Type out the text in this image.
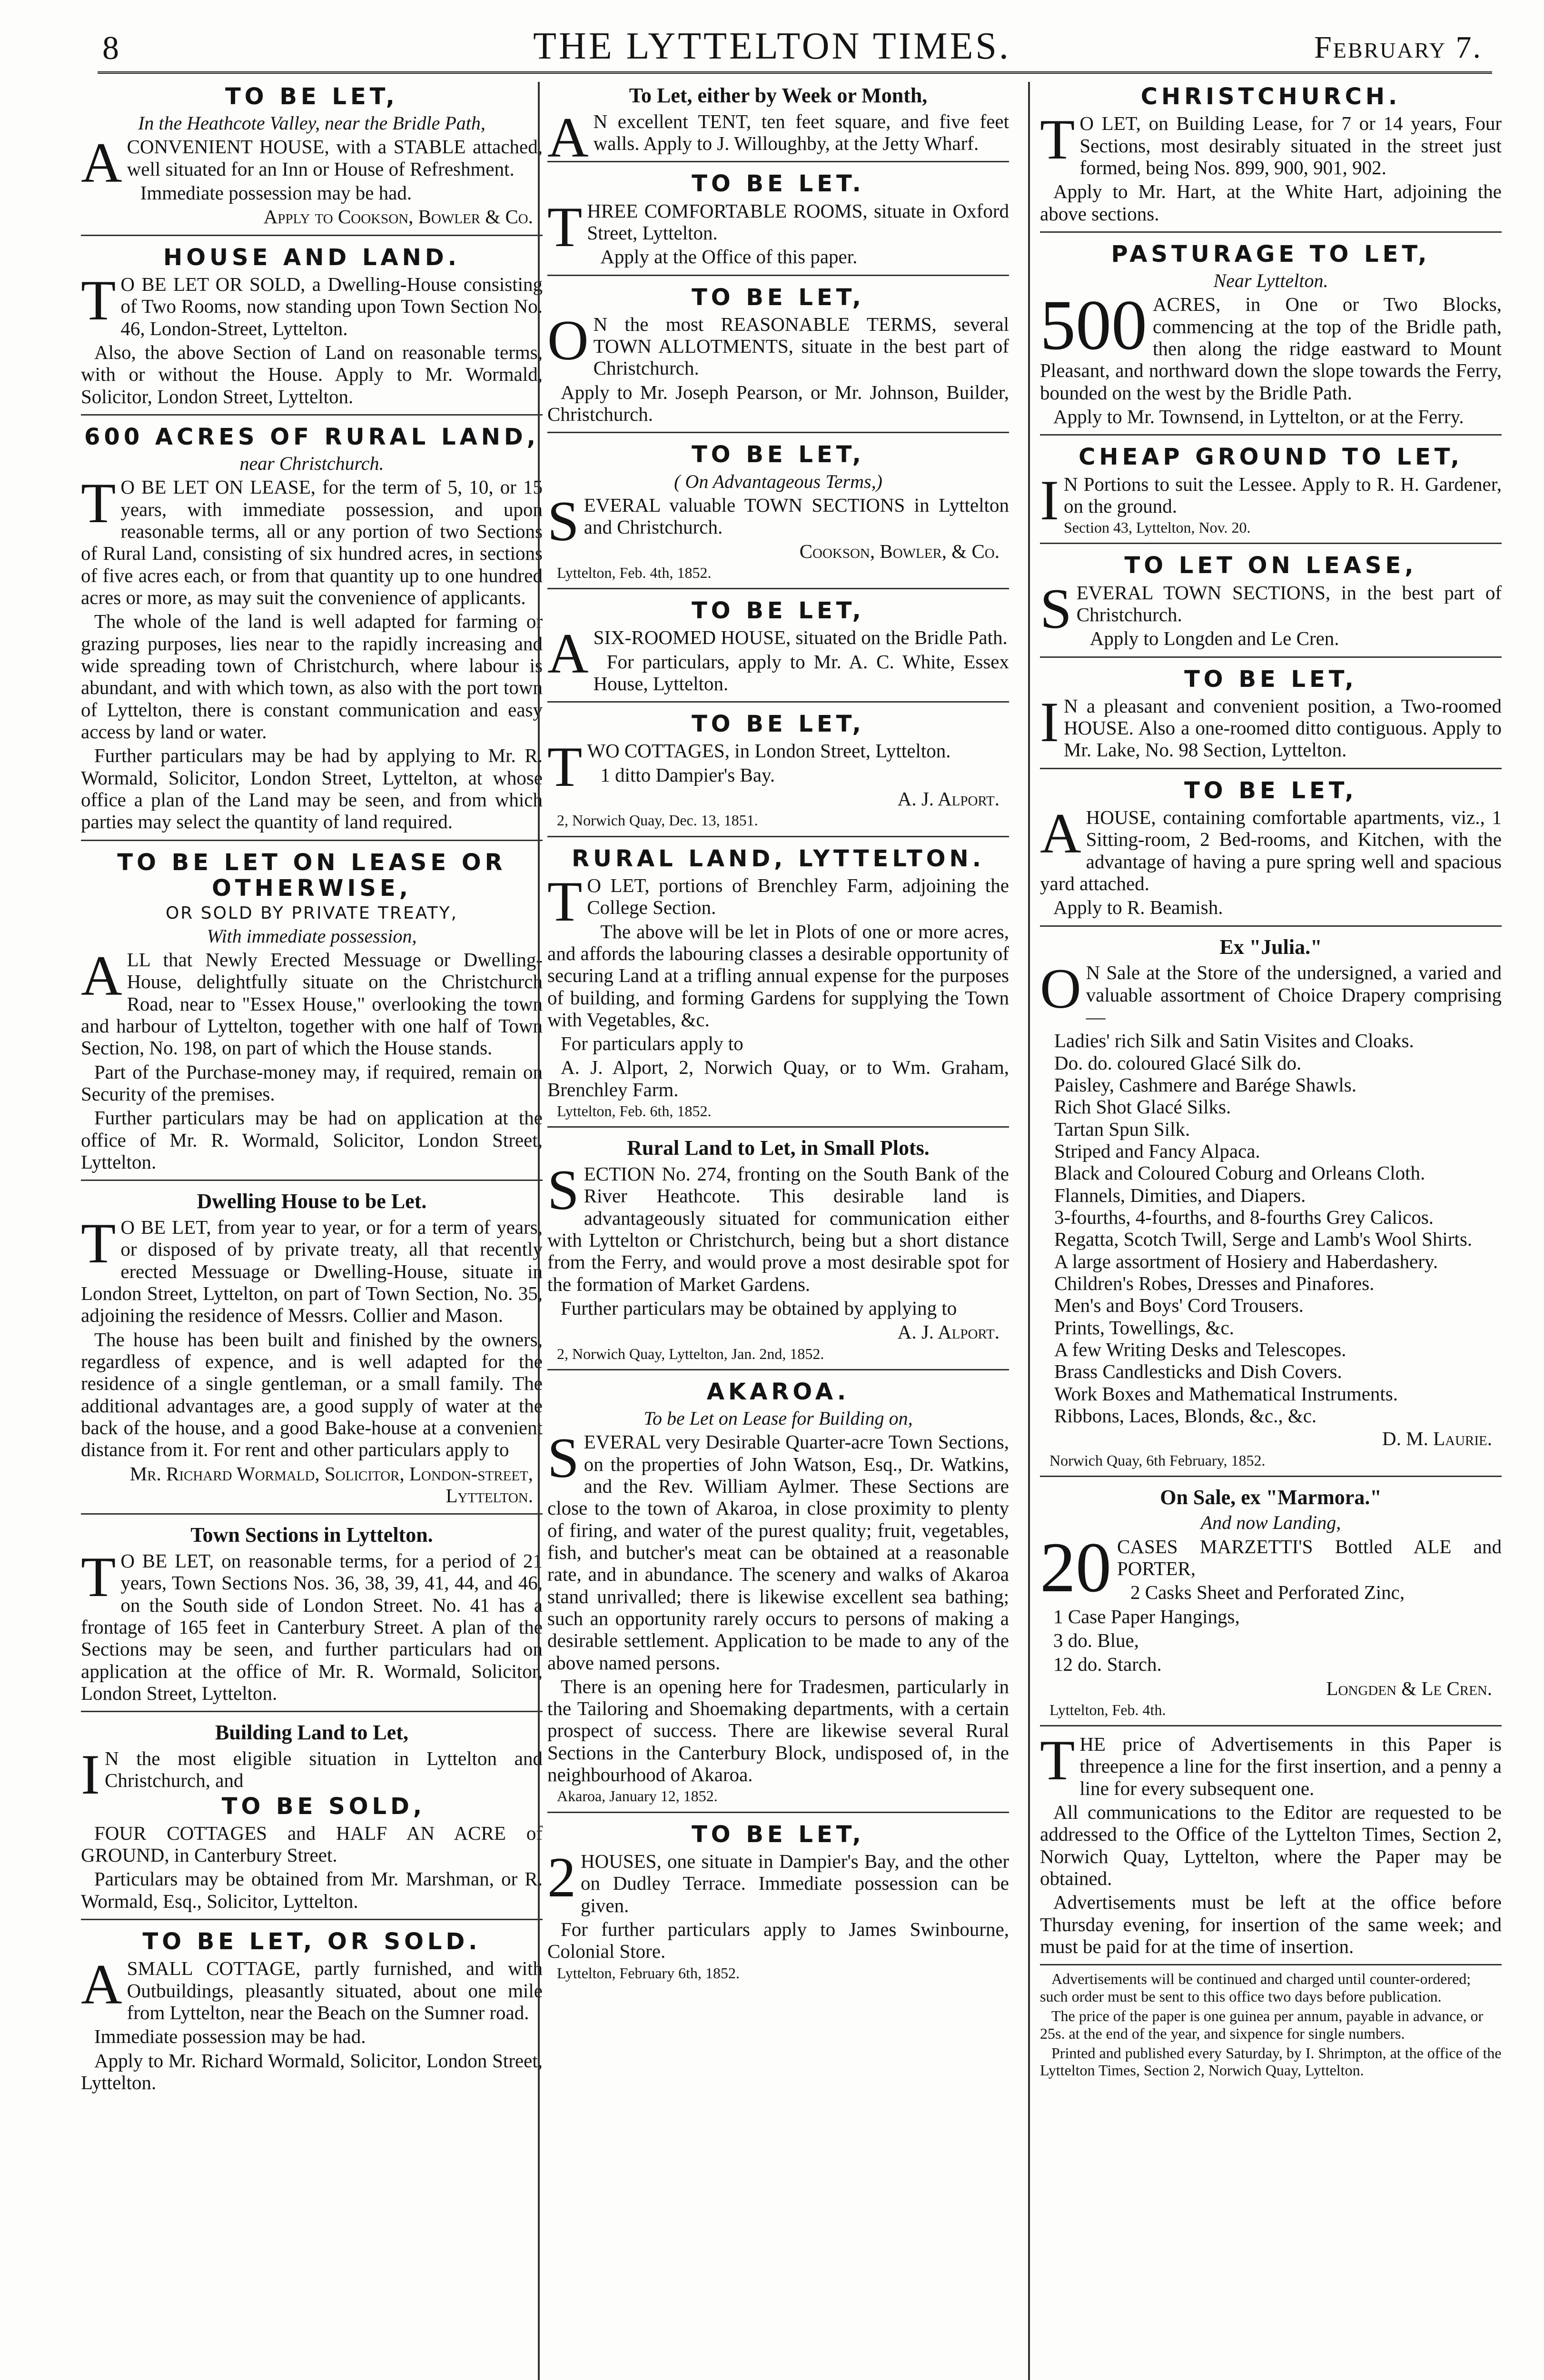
8	THE LYTTELTON TIMES.	February 7.
TO BE LET,
In the Heathcote Valley, near the Bridle Path,

ACONVENIENT HOUSE, with a STABLE attached, well situated for an Inn or House of Refreshment.

Immediate possession may be had.

Apply to Cookson, Bowler & Co.
HOUSE AND LAND.

T O BE LET OR SOLD, a Dwelling-House consisting of Two Rooms, now standing upon Town Section No. 46, London-Street, Lyttelton.

Also, the above Section of Land on reasonable terms, with or without the House. Apply to Mr. Wormald, Solicitor, London Street, Lyttelton.

600 ACRES OF RURAL LAND,
near Christchurch.

T O BE LET ON LEASE, for the term of 5, 10, or 15 years, with immediate possession, and upon reasonable terms, all or any portion of two Sections of Rural Land, consisting of six hundred acres, in sections of five acres each, or from that quantity up to one hundred acres or more, as may suit the convenience of applicants.

The whole of the land is well adapted for farming or grazing purposes, lies near to the rapidly increasing and wide spreading town of Christchurch, where labour is abundant, and with which town, as also with the port town of Lyttelton, there is constant communication and easy access by land or water.

Further particulars may be had by applying to Mr. R. Wormald, Solicitor, London Street, Lyttelton, at whose office a plan of the Land may be seen, and from which parties may select the quantity of land required.

TO BE LET ON LEASE OR OTHERWISE,
OR SOLD BY PRIVATE TREATY,
With immediate possession,

ALL that Newly Erected Messuage or Dwelling-House, delightfully situate on the Christchurch Road, near to "Essex House," overlooking the town and harbour of Lyttelton, together with one half of Town Section, No. 198, on part of which the House stands.

Part of the Purchase-money may, if required, remain on Security of the premises.

Further particulars may be had on application at the office of Mr. R. Wormald, Solicitor, London Street, Lyttelton.

Dwelling House to be Let.

T O BE LET, from year to year, or for a term of years, or disposed of by private treaty, all that recently erected Messuage or Dwelling-House, situate in London Street, Lyttelton, on part of Town Section, No. 35, adjoining the residence of Messrs. Collier and Mason.

The house has been built and finished by the owners, regardless of expence, and is well adapted for the residence of a single gentleman, or a small family. The additional advantages are, a good supply of water at the back of the house, and a good Bake-house at a convenient distance from it. For rent and other particulars apply to

Mr. Richard Wormald, Solicitor, London-street, Lyttelton.
Town Sections in Lyttelton.

T O BE LET, on reasonable terms, for a period of 21 years, Town Sections Nos. 36, 38, 39, 41, 44, and 46, on the South side of London Street. No. 41 has a frontage of 165 feet in Canterbury Street. A plan of the Sections may be seen, and further particulars had on application at the office of Mr. R. Wormald, Solicitor, London Street, Lyttelton.

Building Land to Let,

I N the most eligible situation in Lyttelton and Christchurch, and

TO BE SOLD,

FOUR COTTAGES and HALF AN ACRE of GROUND, in Canterbury Street.

Particulars may be obtained from Mr. Marshman, or R. Wormald, Esq., Solicitor, Lyttelton.

TO BE LET, OR SOLD.

ASMALL COTTAGE, partly furnished, and with Outbuildings, pleasantly situated, about one mile from Lyttelton, near the Beach on the Sumner road.

Immediate possession may be had.

Apply to Mr. Richard Wormald, Solicitor, London Street, Lyttelton.

To Let, either by Week or Month,

A N excellent TENT, ten feet square, and five feet walls. Apply to J. Willoughby, at the Jetty Wharf.

TO BE LET.

THREE COMFORTABLE ROOMS, situate in Oxford Street, Lyttelton.

Apply at the Office of this paper.

TO BE LET,

O N the most REASONABLE TERMS, several TOWN ALLOTMENTS, situate in the best part of Christchurch.

Apply to Mr. Joseph Pearson, or Mr. Johnson, Builder, Christchurch.

TO BE LET,
( On Advantageous Terms,)

SEVERAL valuable TOWN SECTIONS in Lyttelton and Christchurch.

Cookson, Bowler, & Co.
Lyttelton, Feb. 4th, 1852.
TO BE LET,

ASIX-ROOMED HOUSE, situated on the Bridle Path.

For particulars, apply to Mr. A. C. White, Essex House, Lyttelton.

TO BE LET,

TWO COTTAGES, in London Street, Lyttelton.

1 ditto Dampier's Bay.

A. J. Alport.
2, Norwich Quay, Dec. 13, 1851.
RURAL LAND, LYTTELTON.

T O LET, portions of Brenchley Farm, adjoining the College Section.

The above will be let in Plots of one or more acres, and affords the labouring classes a desirable opportunity of securing Land at a trifling annual expense for the purposes of building, and forming Gardens for supplying the Town with Vegetables, &c.

For particulars apply to

A. J. Alport, 2, Norwich Quay, or to Wm. Graham, Brenchley Farm.

Lyttelton, Feb. 6th, 1852.
Rural Land to Let, in Small Plots.

SECTION No. 274, fronting on the South Bank of the River Heathcote. This desirable land is advantageously situated for communication either with Lyttelton or Christchurch, being but a short distance from the Ferry, and would prove a most desirable spot for the formation of Market Gardens.

Further particulars may be obtained by applying to

A. J. Alport.
2, Norwich Quay, Lyttelton, Jan. 2nd, 1852.
AKAROA.
To be Let on Lease for Building on,

SEVERAL very Desirable Quarter-acre Town Sections, on the properties of John Watson, Esq., Dr. Watkins, and the Rev. William Aylmer. These Sections are close to the town of Akaroa, in close proximity to plenty of firing, and water of the purest quality; fruit, vegetables, fish, and butcher's meat can be obtained at a reasonable rate, and in abundance. The scenery and walks of Akaroa stand unrivalled; there is likewise excellent sea bathing; such an opportunity rarely occurs to persons of making a desirable settlement. Application to be made to any of the above named persons.

There is an opening here for Tradesmen, particularly in the Tailoring and Shoemaking departments, with a certain prospect of success. There are likewise several Rural Sections in the Canterbury Block, undisposed of, in the neighbourhood of Akaroa.

Akaroa, January 12, 1852.
TO BE LET,

2 HOUSES, one situate in Dampier's Bay, and the other on Dudley Terrace. Immediate possession can be given.

For further particulars apply to James Swinbourne, Colonial Store.

Lyttelton, February 6th, 1852.
CHRISTCHURCH.

T O LET, on Building Lease, for 7 or 14 years, Four Sections, most desirably situated in the street just formed, being Nos. 899, 900, 901, 902.

Apply to Mr. Hart, at the White Hart, adjoining the above sections.

PASTURAGE TO LET,
Near Lyttelton.

500 ACRES, in One or Two Blocks, commencing at the top of the Bridle path, then along the ridge eastward to Mount Pleasant, and northward down the slope towards the Ferry, bounded on the west by the Bridle Path.

Apply to Mr. Townsend, in Lyttelton, or at the Ferry.

CHEAP GROUND TO LET,

I N Portions to suit the Lessee. Apply to R. H. Gardener, on the ground.

Section 43, Lyttelton, Nov. 20.
TO LET ON LEASE,

SEVERAL TOWN SECTIONS, in the best part of Christchurch.

Apply to Longden and Le Cren.

TO BE LET,

I N a pleasant and convenient position, a Two-roomed HOUSE. Also a one-roomed ditto contiguous. Apply to Mr. Lake, No. 98 Section, Lyttelton.

TO BE LET,

AHOUSE, containing comfortable apartments, viz., 1 Sitting-room, 2 Bed-rooms, and Kitchen, with the advantage of having a pure spring well and spacious yard attached.

Apply to R. Beamish.

Ex "Julia."

O N Sale at the Store of the undersigned, a varied and valuable assortment of Choice Drapery comprising—

Ladies' rich Silk and Satin Visites and Cloaks.
Do. do. coloured Glacé Silk do.
Paisley, Cashmere and Barége Shawls.
Rich Shot Glacé Silks.
Tartan Spun Silk.
Striped and Fancy Alpaca.
Black and Coloured Coburg and Orleans Cloth.
Flannels, Dimities, and Diapers.
3-fourths, 4-fourths, and 8-fourths Grey Calicos.
Regatta, Scotch Twill, Serge and Lamb's Wool Shirts.
A large assortment of Hosiery and Haberdashery.
Children's Robes, Dresses and Pinafores.
Men's and Boys' Cord Trousers.
Prints, Towellings, &c.
A few Writing Desks and Telescopes.
Brass Candlesticks and Dish Covers.
Work Boxes and Mathematical Instruments.
Ribbons, Laces, Blonds, &c., &c.
D. M. Laurie.
Norwich Quay, 6th February, 1852.
On Sale, ex "Marmora."
And now Landing,

20 CASES MARZETTI'S Bottled ALE and PORTER,

2 Casks Sheet and Perforated Zinc,

1 Case Paper Hangings,

3 do. Blue,

12 do. Starch.

Longden & Le Cren.
Lyttelton, Feb. 4th.

THE price of Advertisements in this Paper is threepence a line for the first insertion, and a penny a line for every subsequent one.

All communications to the Editor are requested to be addressed to the Office of the Lyttelton Times, Section 2, Norwich Quay, Lyttelton, where the Paper may be obtained.

Advertisements must be left at the office before Thursday evening, for insertion of the same week; and must be paid for at the time of insertion.

Advertisements will be continued and charged until counter-ordered; such order must be sent to this office two days before publication.

The price of the paper is one guinea per annum, payable in advance, or 25s. at the end of the year, and sixpence for single numbers.

Printed and published every Saturday, by I. Shrimpton, at the office of the Lyttelton Times, Section 2, Norwich Quay, Lyttelton.
